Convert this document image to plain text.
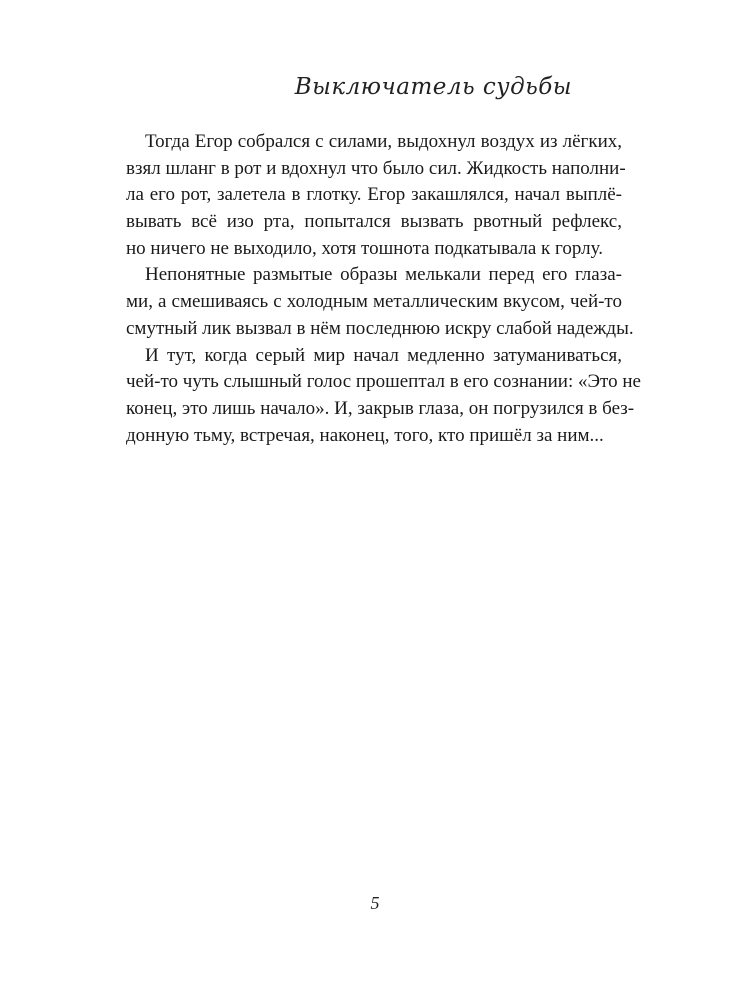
Выключатель судьбы
Тогда Егор собрался с силами, выдохнул воздух из лёгких,
взял шланг в рот и вдохнул что было сил. Жидкость наполни-
ла его рот, залетела в глотку. Егор закашлялся, начал выплё-
вывать всё изо рта, попытался вызвать рвотный рефлекс,
но ничего не выходило, хотя тошнота подкатывала к горлу.
Непонятные размытые образы мелькали перед его глаза-
ми, а смешиваясь с холодным металлическим вкусом, чей-то
смутный лик вызвал в нём последнюю искру слабой надежды.
И тут, когда серый мир начал медленно затуманиваться,
чей-то чуть слышный голос прошептал в его сознании: «Это не
конец, это лишь начало». И, закрыв глаза, он погрузился в без-
донную тьму, встречая, наконец, того, кто пришёл за ним...
5
